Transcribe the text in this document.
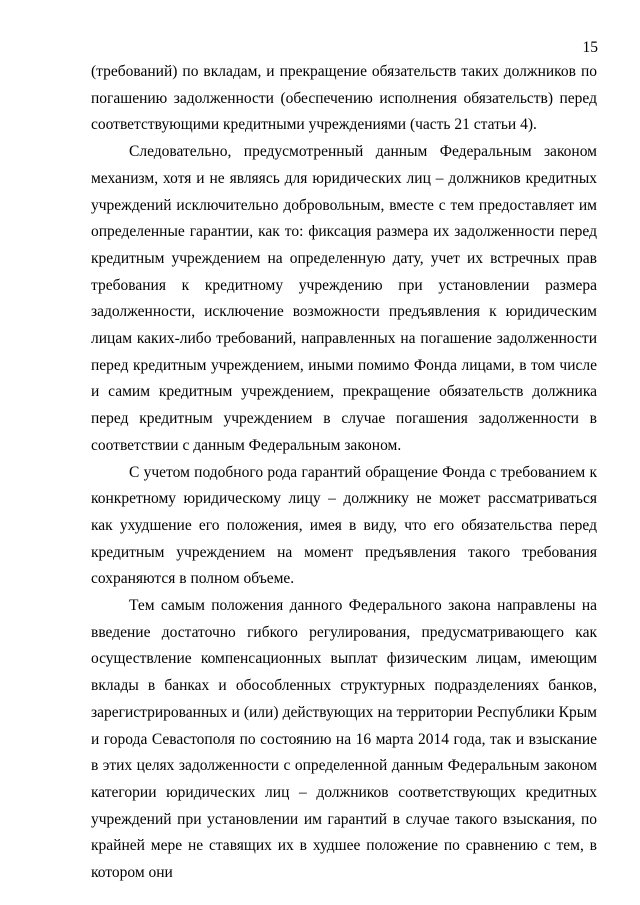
15

(требований) по вкладам, и прекращение обязательств таких должников по погашению задолженности (обеспечению исполнения обязательств) перед соответствующими кредитными учреждениями (часть 21 статьи 4).

Следовательно, предусмотренный данным Федеральным законом механизм, хотя и не являясь для юридических лиц – должников кредитных учреждений исключительно добровольным, вместе с тем предоставляет им определенные гарантии, как то: фиксация размера их задолженности перед кредитным учреждением на определенную дату, учет их встречных прав требования к кредитному учреждению при установлении размера задолженности, исключение возможности предъявления к юридическим лицам каких-либо требований, направленных на погашение задолженности перед кредитным учреждением, иными помимо Фонда лицами, в том числе и самим кредитным учреждением, прекращение обязательств должника перед кредитным учреждением в случае погашения задолженности в соответствии с данным Федеральным законом.

С учетом подобного рода гарантий обращение Фонда с требованием к конкретному юридическому лицу – должнику не может рассматриваться как ухудшение его положения, имея в виду, что его обязательства перед кредитным учреждением на момент предъявления такого требования сохраняются в полном объеме.

Тем самым положения данного Федерального закона направлены на введение достаточно гибкого регулирования, предусматривающего как осуществление компенсационных выплат физическим лицам, имеющим вклады в банках и обособленных структурных подразделениях банков, зарегистрированных и (или) действующих на территории Республики Крым и города Севастополя по состоянию на 16 марта 2014 года, так и взыскание в этих целях задолженности с определенной данным Федеральным законом категории юридических лиц – должников соответствующих кредитных учреждений при установлении им гарантий в случае такого взыскания, по крайней мере не ставящих их в худшее положение по сравнению с тем, в котором они
